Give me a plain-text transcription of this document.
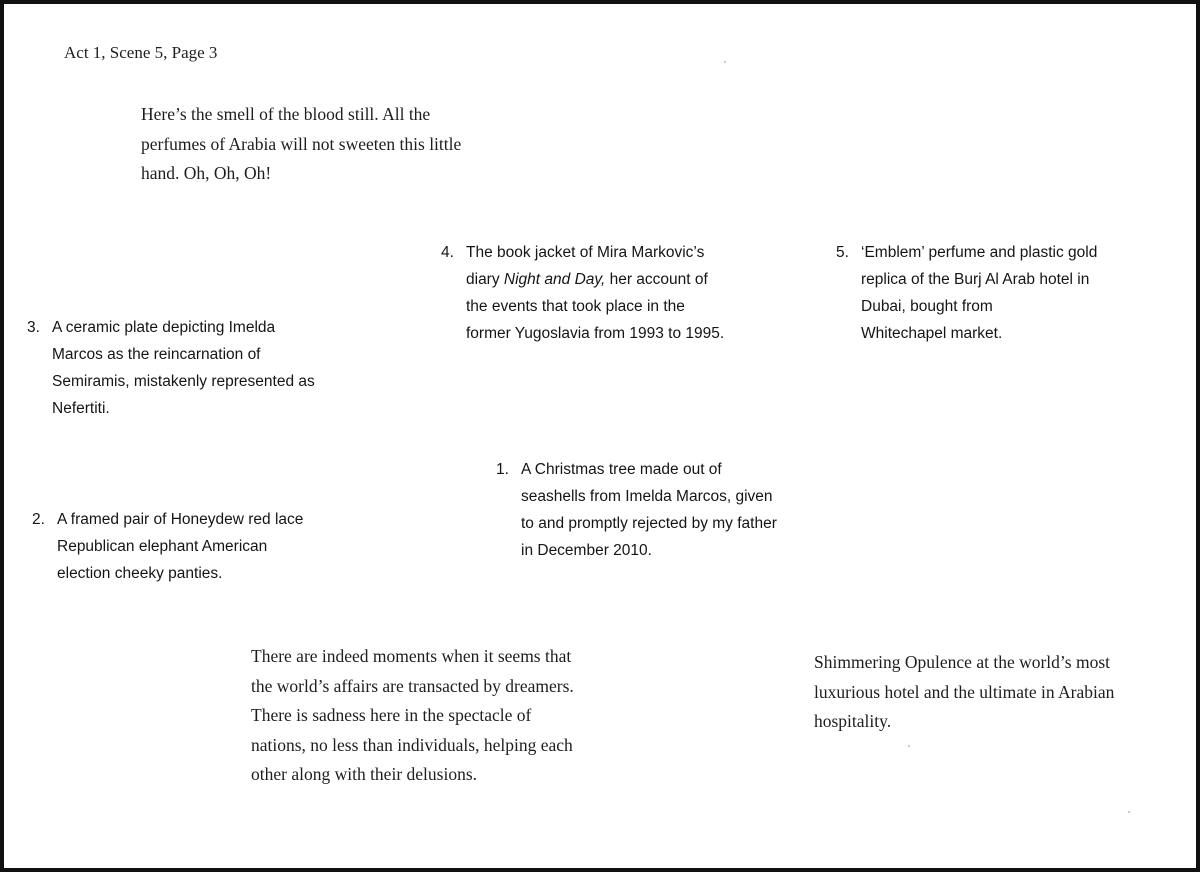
Act 1, Scene 5, Page 3

Here’s the smell of the blood still. All the

perfumes of Arabia will not sweeten this little

hand. Oh, Oh, Oh!

4. The book jacket of Mira Markovic’s

diary Night and Day, her account of

the events that took place in the

former Yugoslavia from 1993 to 1995.

5. ‘Emblem’ perfume and plastic gold

replica of the Burj Al Arab hotel in

Dubai, bought from

Whitechapel market.

3. A ceramic plate depicting Imelda

Marcos as the reincarnation of

Semiramis, mistakenly represented as

Nefertiti.

1. A Christmas tree made out of

seashells from Imelda Marcos, given

to and promptly rejected by my father

in December 2010.

2. A framed pair of Honeydew red lace

Republican elephant American

election cheeky panties.

There are indeed moments when it seems that

the world’s affairs are transacted by dreamers.

There is sadness here in the spectacle of

nations, no less than individuals, helping each

other along with their delusions.

Shimmering Opulence at the world’s most

luxurious hotel and the ultimate in Arabian

hospitality.
